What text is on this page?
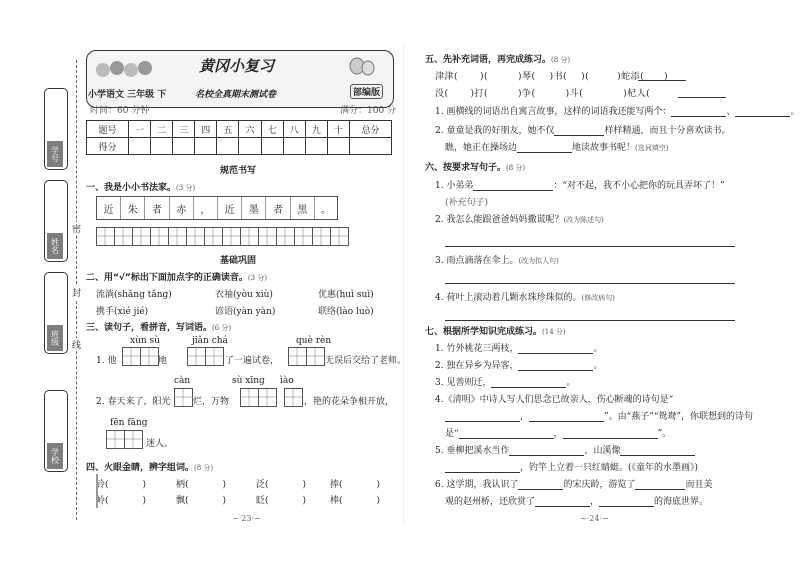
学号
姓名
班级
学校
密
封
线
黄冈小复习
小学语文 三年级 下	名校全真期末测试卷	部编版
时间：60 分钟	满分：100 分
题号	一	二	三	四	五	六	七	八	九	十	总分
得分											
规范书写
一、我是小小书法家。(3 分)
近	朱	者	赤	，	近	墨	者	黑	。
基础巩固
二、用“√”标出下面加点字的正确读音。(3 分)
流淌(shǎng tǎng)	衣袖(yòu xiù)	优惠(huì suì)
携手(xié jié)	谚语(yàn yàn)	联络(lào luò)
三、读句子，看拼音，写词语。(6 分)
xùn sù	jiǎn chá	què rèn
1. 他	地	了一遍试卷，	无误后交给了老师。
càn	sù xīng ìào
2. 春天来了，阳光	烂，万物	，艳的花朵争相开放，
fēn fāng
迷人。
四、火眼金睛，辨字组词。(8 分)
铃(	)	柄(	)	泛(	)	捧(	)
岭(	)	飘(	)	眨(	)	棒(	)
~·23·~
五、先补充词语，再完成练习。(8 分)
津津( )(	)琴( )书( )(	)蛇添( )
没( )打(	)争(	)斗(	)杞人(
1. 画横线的词语出自寓言故事，这样的词语我还能写两个：	、	。
2. 童童是我的好朋友，她不仅	样样精通，而且十分喜欢读书。
瞧，她正在操场边	地读故事书呢！(选词填空)
六、按要求写句子。(8 分)
1. 小弟弟	：“对不起，我不小心把你的玩具弄坏了！”
(补充句子)
2. 我怎么能跟爸爸妈妈撒谎呢？(改为陈述句)
3. 雨点滴落在伞上。(改为拟人句)
4. 荷叶上滚动着几颗水珠珍珠似的。(修改病句)
七、根据所学知识完成练习。(14 分)
1. 竹外桃花三两枝，	。
2. 独在异乡为异客，	。
3. 见善则迁，	。
4.《清明》中诗人写人们思念已故亲人，伤心断魂的诗句是“
，	”。由“燕子”“鸳鸯”，你联想到的诗句
是“	，	”。
5. 垂柳把溪水当作	，山溪像
，钓竿上立着一只红蜻蜓。(《童年的水墨画》)
6. 这学期，我认识了	的宋庆龄，游览了	而且美
观的赵州桥，还欣赏了	，	的海底世界。
~·24·~
